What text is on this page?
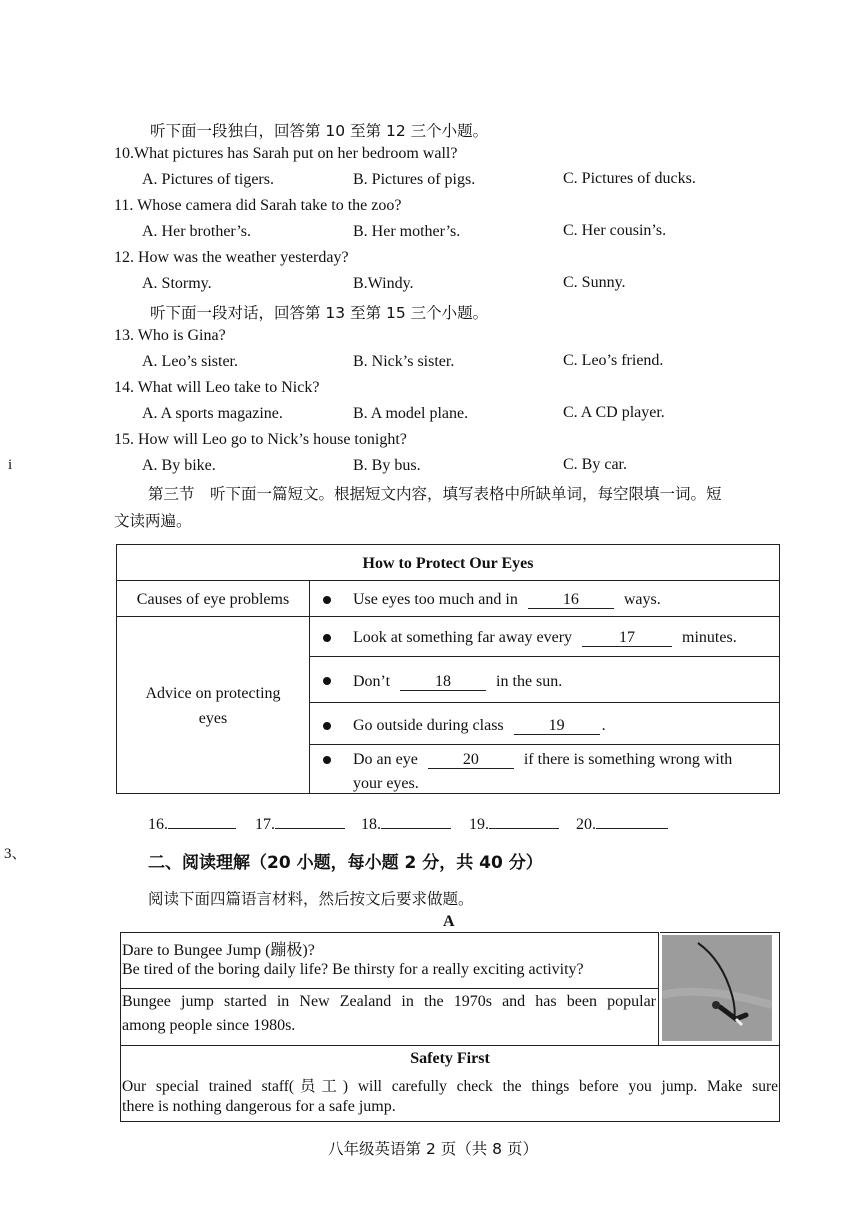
i
3、
听下面一段独白，回答第 10 至第 12 三个小题。
10.What pictures has Sarah put on her bedroom wall?
A. Pictures of tigers.	B. Pictures of pigs.	C. Pictures of ducks.
11. Whose camera did Sarah take to the zoo?
A. Her brother’s.	B. Her mother’s.	C. Her cousin’s.
12. How was the weather yesterday?
A. Stormy.	B.Windy.	C. Sunny.
听下面一段对话，回答第 13 至第 15 三个小题。
13. Who is Gina?
A. Leo’s sister.	B. Nick’s sister.	C. Leo’s friend.
14. What will Leo take to Nick?
A. A sports magazine.	B. A model plane.	C. A CD player.
15. How will Leo go to Nick’s house tonight?
A. By bike.	B. By bus.	C. By car.
第三节　听下面一篇短文。根据短文内容，填写表格中所缺单词，每空限填一词。短
文读两遍。
How to Protect Our Eyes
Causes of eye problems	Use eyes too much and in	16	ways.
Advice on protecting
eyes
Look at something far away every	17	minutes.
Don’t	18	in the sun.
Go outside during class	19 .
Do an eye	20	if there is something wrong with
your eyes.
16.	17.	18.	19.	20.
二、阅读理解（20 小题，每小题 2 分，共 40 分）
阅读下面四篇语言材料，然后按文后要求做题。
A
Dare to Bungee Jump (蹦极)?
Be tired of the boring daily life? Be thirsty for a really exciting activity?
Bungee jump started in New Zealand in the 1970s and has been popular
among people since 1980s.
Safety First
Our special trained staff(员工) will carefully check the things before you jump. Make sure
there is nothing dangerous for a safe jump.
八年级英语第 2 页（共 8 页）
